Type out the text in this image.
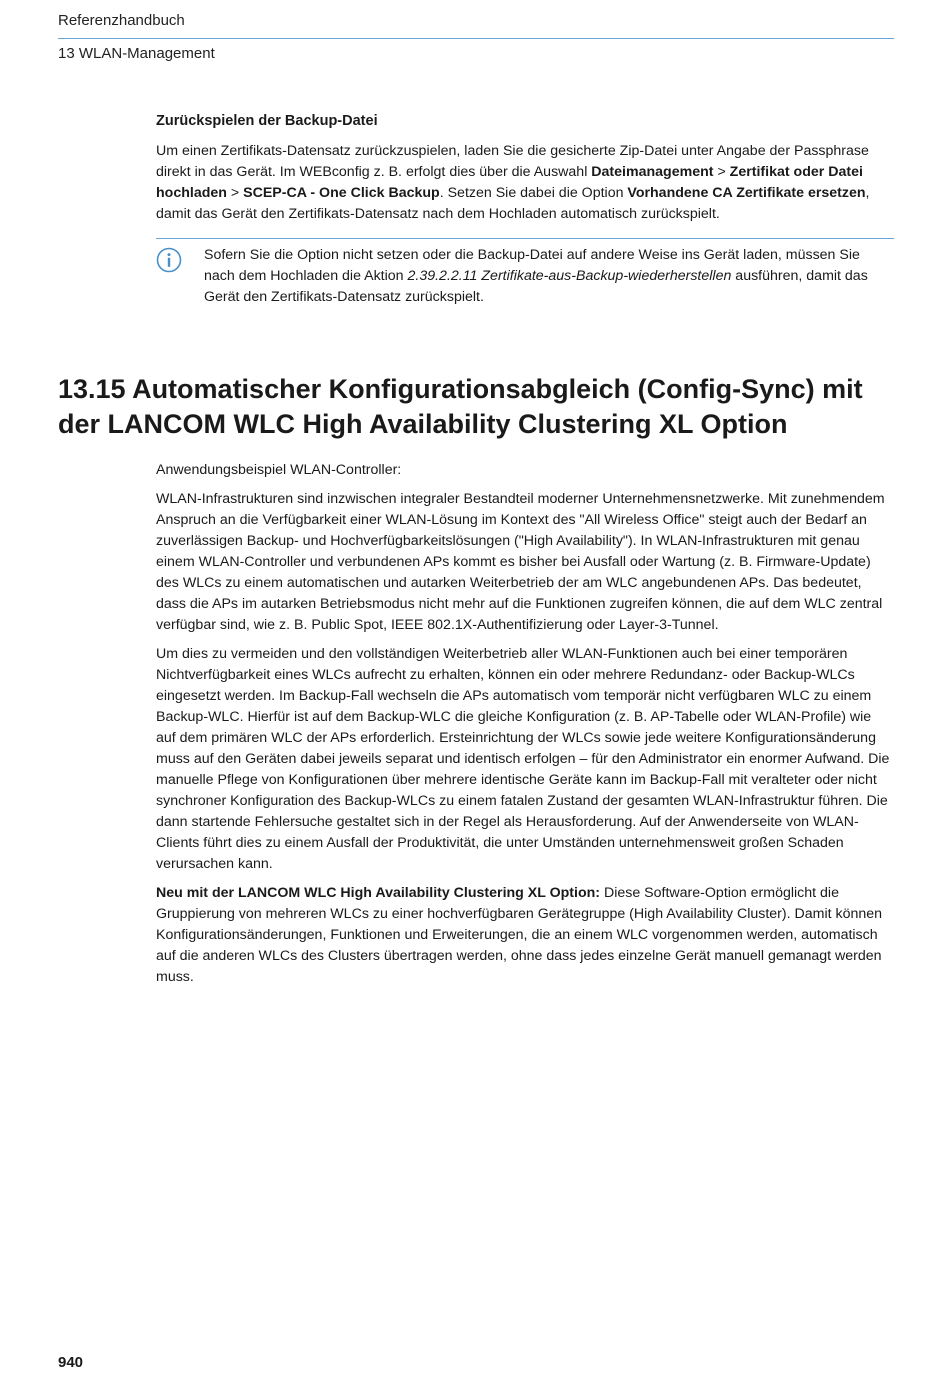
Referenzhandbuch
13 WLAN-Management
Zurückspielen der Backup-Datei

Um einen Zertifikats-Datensatz zurückzuspielen, laden Sie die gesicherte Zip-Datei unter Angabe der Passphrase direkt in das Gerät. Im WEBconfig z. B. erfolgt dies über die Auswahl Dateimanagement > Zertifikat oder Datei hochladen > SCEP-CA - One Click Backup. Setzen Sie dabei die Option Vorhandene CA Zertifikate ersetzen, damit das Gerät den Zertifikats-Datensatz nach dem Hochladen automatisch zurückspielt.

Sofern Sie die Option nicht setzen oder die Backup-Datei auf andere Weise ins Gerät laden, müssen Sie nach dem Hochladen die Aktion 2.39.2.2.11 Zertifikate-aus-Backup-wiederherstellen ausführen, damit das Gerät den Zertifikats-Datensatz zurückspielt.
13.15 Automatischer Konfigurationsabgleich (Config-Sync) mit der LANCOM WLC High Availability Clustering XL Option

Anwendungsbeispiel WLAN-Controller:

WLAN-Infrastrukturen sind inzwischen integraler Bestandteil moderner Unternehmensnetzwerke. Mit zunehmendem Anspruch an die Verfügbarkeit einer WLAN-Lösung im Kontext des "All Wireless Office" steigt auch der Bedarf an zuverlässigen Backup- und Hochverfügbarkeitslösungen ("High Availability"). In WLAN-Infrastrukturen mit genau einem WLAN-Controller und verbundenen APs kommt es bisher bei Ausfall oder Wartung (z. B. Firmware-Update) des WLCs zu einem automatischen und autarken Weiterbetrieb der am WLC angebundenen APs. Das bedeutet, dass die APs im autarken Betriebsmodus nicht mehr auf die Funktionen zugreifen können, die auf dem WLC zentral verfügbar sind, wie z. B. Public Spot, IEEE 802.1X-Authentifizierung oder Layer-3-Tunnel.

Um dies zu vermeiden und den vollständigen Weiterbetrieb aller WLAN-Funktionen auch bei einer temporären Nichtverfügbarkeit eines WLCs aufrecht zu erhalten, können ein oder mehrere Redundanz- oder Backup-WLCs eingesetzt werden. Im Backup-Fall wechseln die APs automatisch vom temporär nicht verfügbaren WLC zu einem Backup-WLC. Hierfür ist auf dem Backup-WLC die gleiche Konfiguration (z. B. AP-Tabelle oder WLAN-Profile) wie auf dem primären WLC der APs erforderlich. Ersteinrichtung der WLCs sowie jede weitere Konfigurationsänderung muss auf den Geräten dabei jeweils separat und identisch erfolgen – für den Administrator ein enormer Aufwand. Die manuelle Pflege von Konfigurationen über mehrere identische Geräte kann im Backup-Fall mit veralteter oder nicht synchroner Konfiguration des Backup-WLCs zu einem fatalen Zustand der gesamten WLAN-Infrastruktur führen. Die dann startende Fehlersuche gestaltet sich in der Regel als Herausforderung. Auf der Anwenderseite von WLAN-Clients führt dies zu einem Ausfall der Produktivität, die unter Umständen unternehmensweit großen Schaden verursachen kann.

Neu mit der LANCOM WLC High Availability Clustering XL Option: Diese Software-Option ermöglicht die Gruppierung von mehreren WLCs zu einer hochverfügbaren Gerätegruppe (High Availability Cluster). Damit können Konfigurationsänderungen, Funktionen und Erweiterungen, die an einem WLC vorgenommen werden, automatisch auf die anderen WLCs des Clusters übertragen werden, ohne dass jedes einzelne Gerät manuell gemanagt werden muss.

940
